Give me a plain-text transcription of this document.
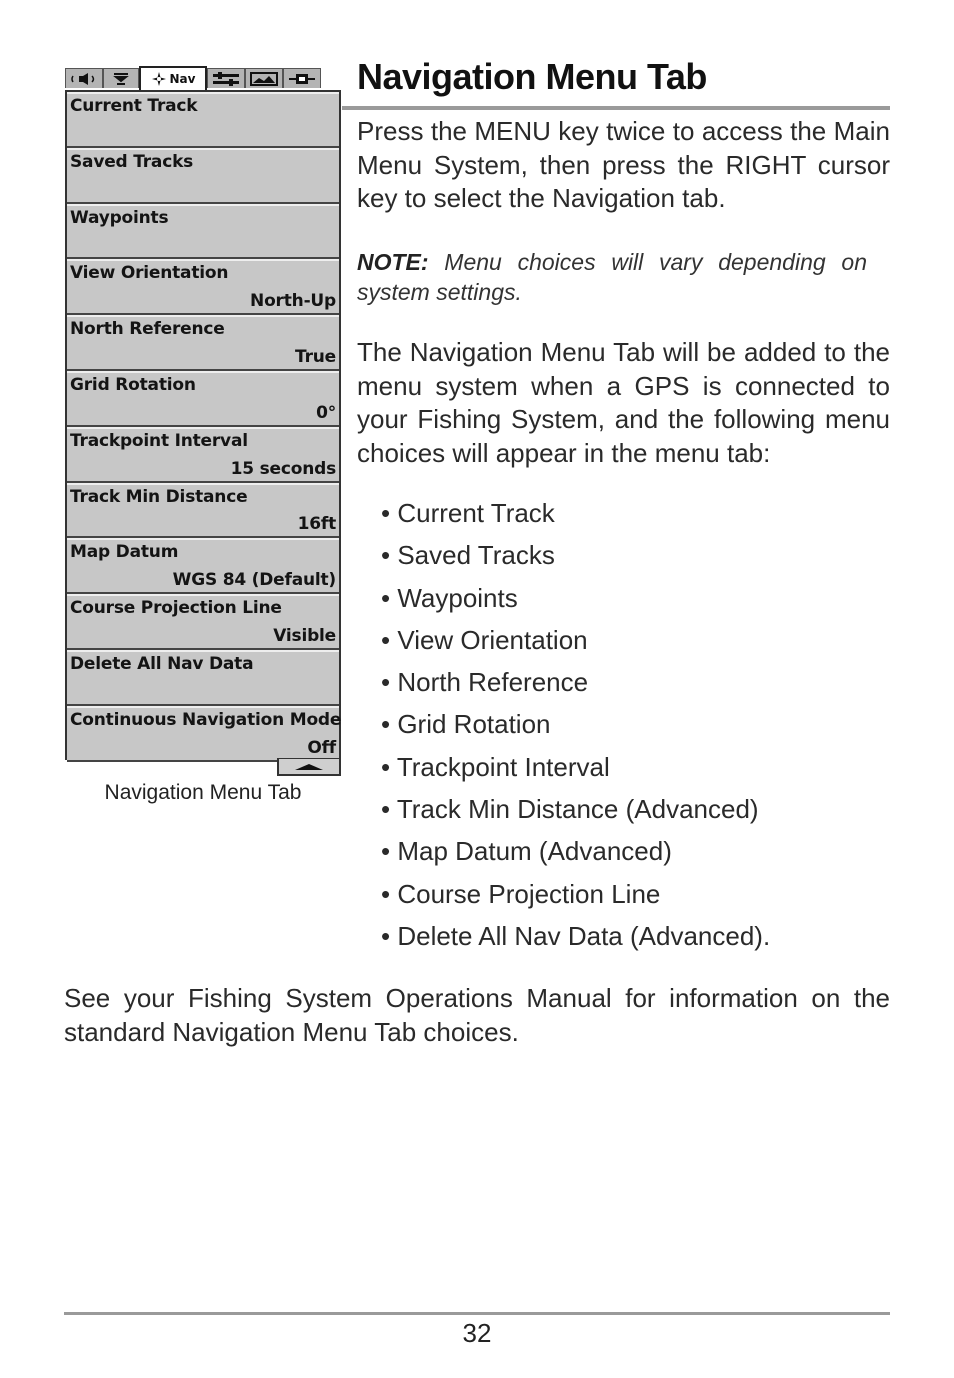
Nav
Current Track
Saved Tracks
Waypoints
View Orientation
North-Up
North Reference
True
Grid Rotation
0°
Trackpoint Interval
15 seconds
Track Min Distance
16ft
Map Datum
WGS 84 (Default)
Course Projection Line
Visible
Delete All Nav Data
Continuous Navigation Mode
Off
Navigation Menu Tab
Navigation Menu Tab

Press the MENU key twice to access the Main Menu System, then press the RIGHT cursor key to select the Navigation tab.

NOTE: Menu choices will vary depending on system settings.

The Navigation Menu Tab will be added to the menu system when a GPS is connected to your Fishing System, and the following menu choices will appear in the menu tab:

• Current Track
• Saved Tracks
• Waypoints
• View Orientation
• North Reference
• Grid Rotation
• Trackpoint Interval
• Track Min Distance (Advanced)
• Map Datum (Advanced)
• Course Projection Line
• Delete All Nav Data (Advanced).

See your Fishing System Operations Manual for information on the standard Navigation Menu Tab choices.

32
